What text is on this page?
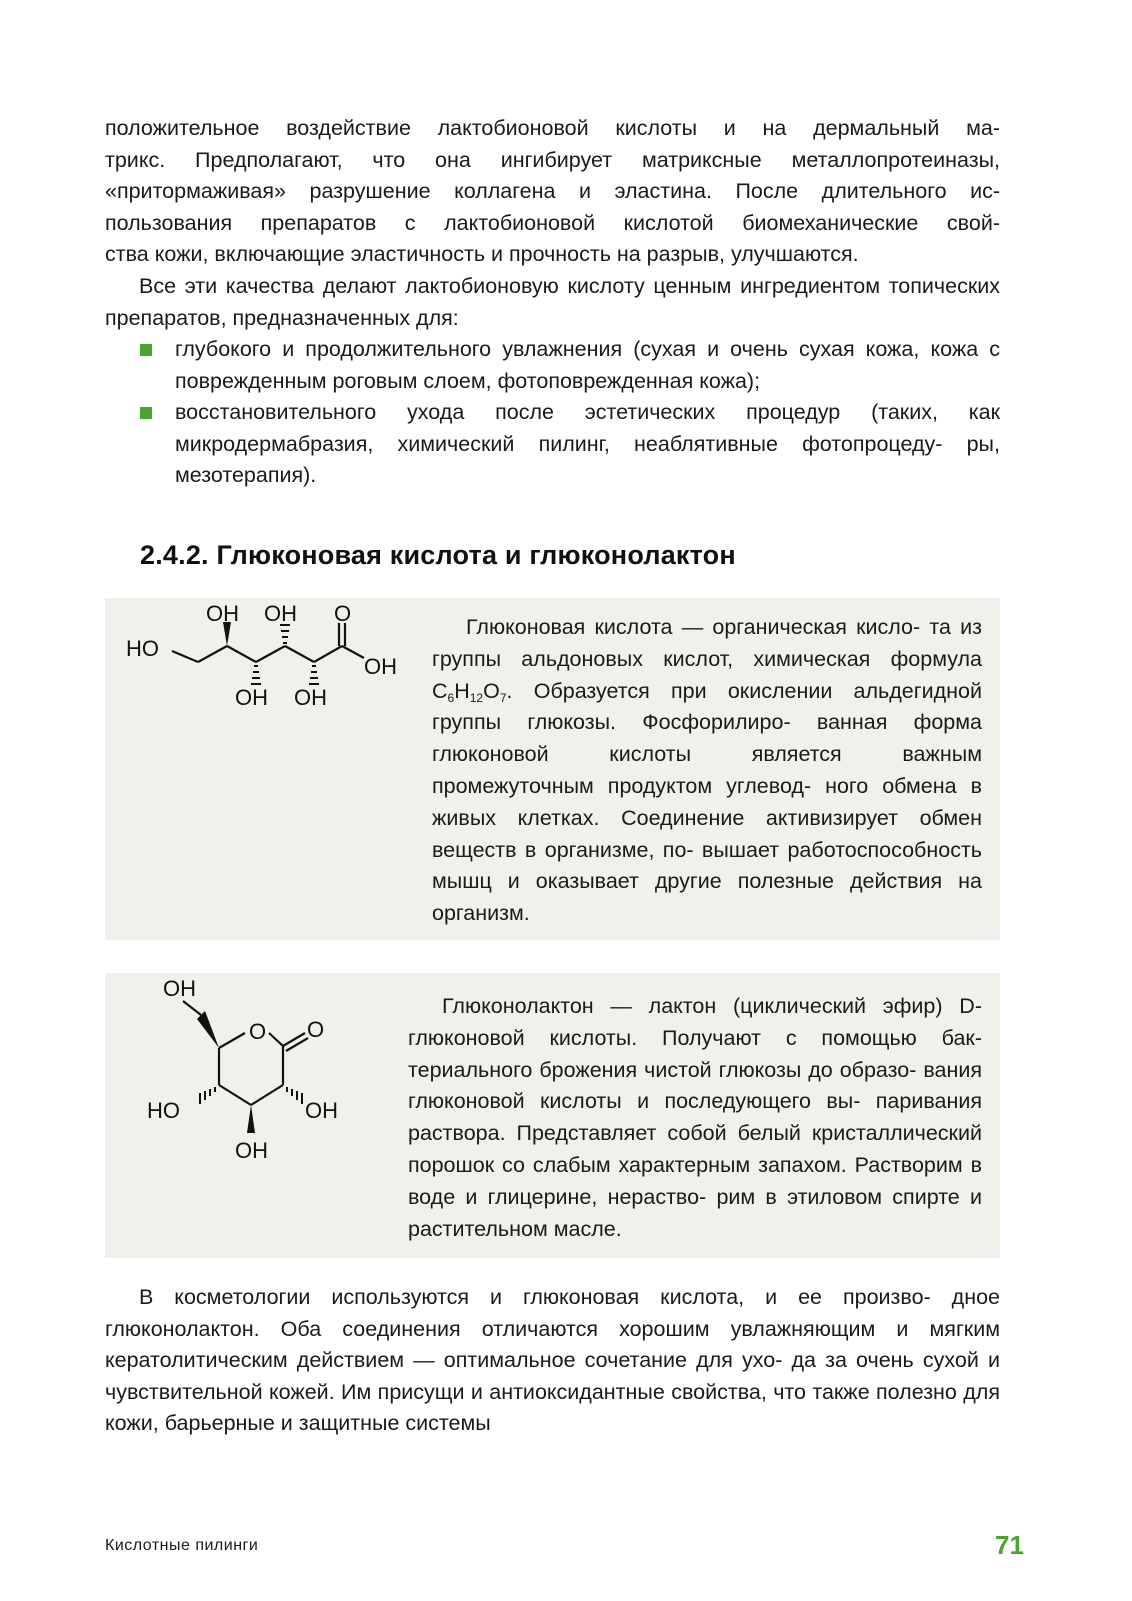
положительное воздействие лактобионовой кислоты и на дермальный ма-
трикс. Предполагают, что она ингибирует матриксные металлопротеиназы,
«притормаживая» разрушение коллагена и эластина. После длительного ис-
пользования препаратов с лактобионовой кислотой биомеханические свой-
ства кожи, включающие эластичность и прочность на разрыв, улучшаются.

Все эти качества делают лактобионовую кислоту ценным ингредиентом топических препаратов, предназначенных для:

глубокого и продолжительного увлажнения (сухая и очень сухая кожа, кожа с поврежденным роговым слоем, фотоповрежденная кожа);
восстановительного ухода после эстетических процедур (таких, как микродермабразия, химический пилинг, неаблятивные фотопроцеду- ры, мезотерапия).
2.4.2. Глюконовая кислота и глюконолактон
OH OH O
HO
OH
OH OH

Глюконовая кислота — органическая кисло- та из группы альдоновых кислот, химическая формула $C_6H_{12}O_7$. Образуется при окислении альдегидной группы глюкозы. Фосфорилиро- ванная форма глюконовой кислоты является важным промежуточным продуктом углевод- ного обмена в живых клетках. Соединение активизирует обмен веществ в организме, по- вышает работоспособность мышц и оказывает другие полезные действия на организм.

OH
O O
HO	OH
OH

Глюконолактон — лактон (циклический эфир) D-глюконовой кислоты. Получают с помощью бак- териального брожения чистой глюкозы до образо- вания глюконовой кислоты и последующего вы- паривания раствора. Представляет собой белый кристаллический порошок со слабым характерным запахом. Растворим в воде и глицерине, нераство- рим в этиловом спирте и растительном масле.

В косметологии используются и глюконовая кислота, и ее произво- дное глюконолактон. Оба соединения отличаются хорошим увлажняющим и мягким кератолитическим действием — оптимальное сочетание для ухо- да за очень сухой и чувствительной кожей. Им присущи и антиоксидантные свойства, что также полезно для кожи, барьерные и защитные системы

Кислотные пилинги	71
